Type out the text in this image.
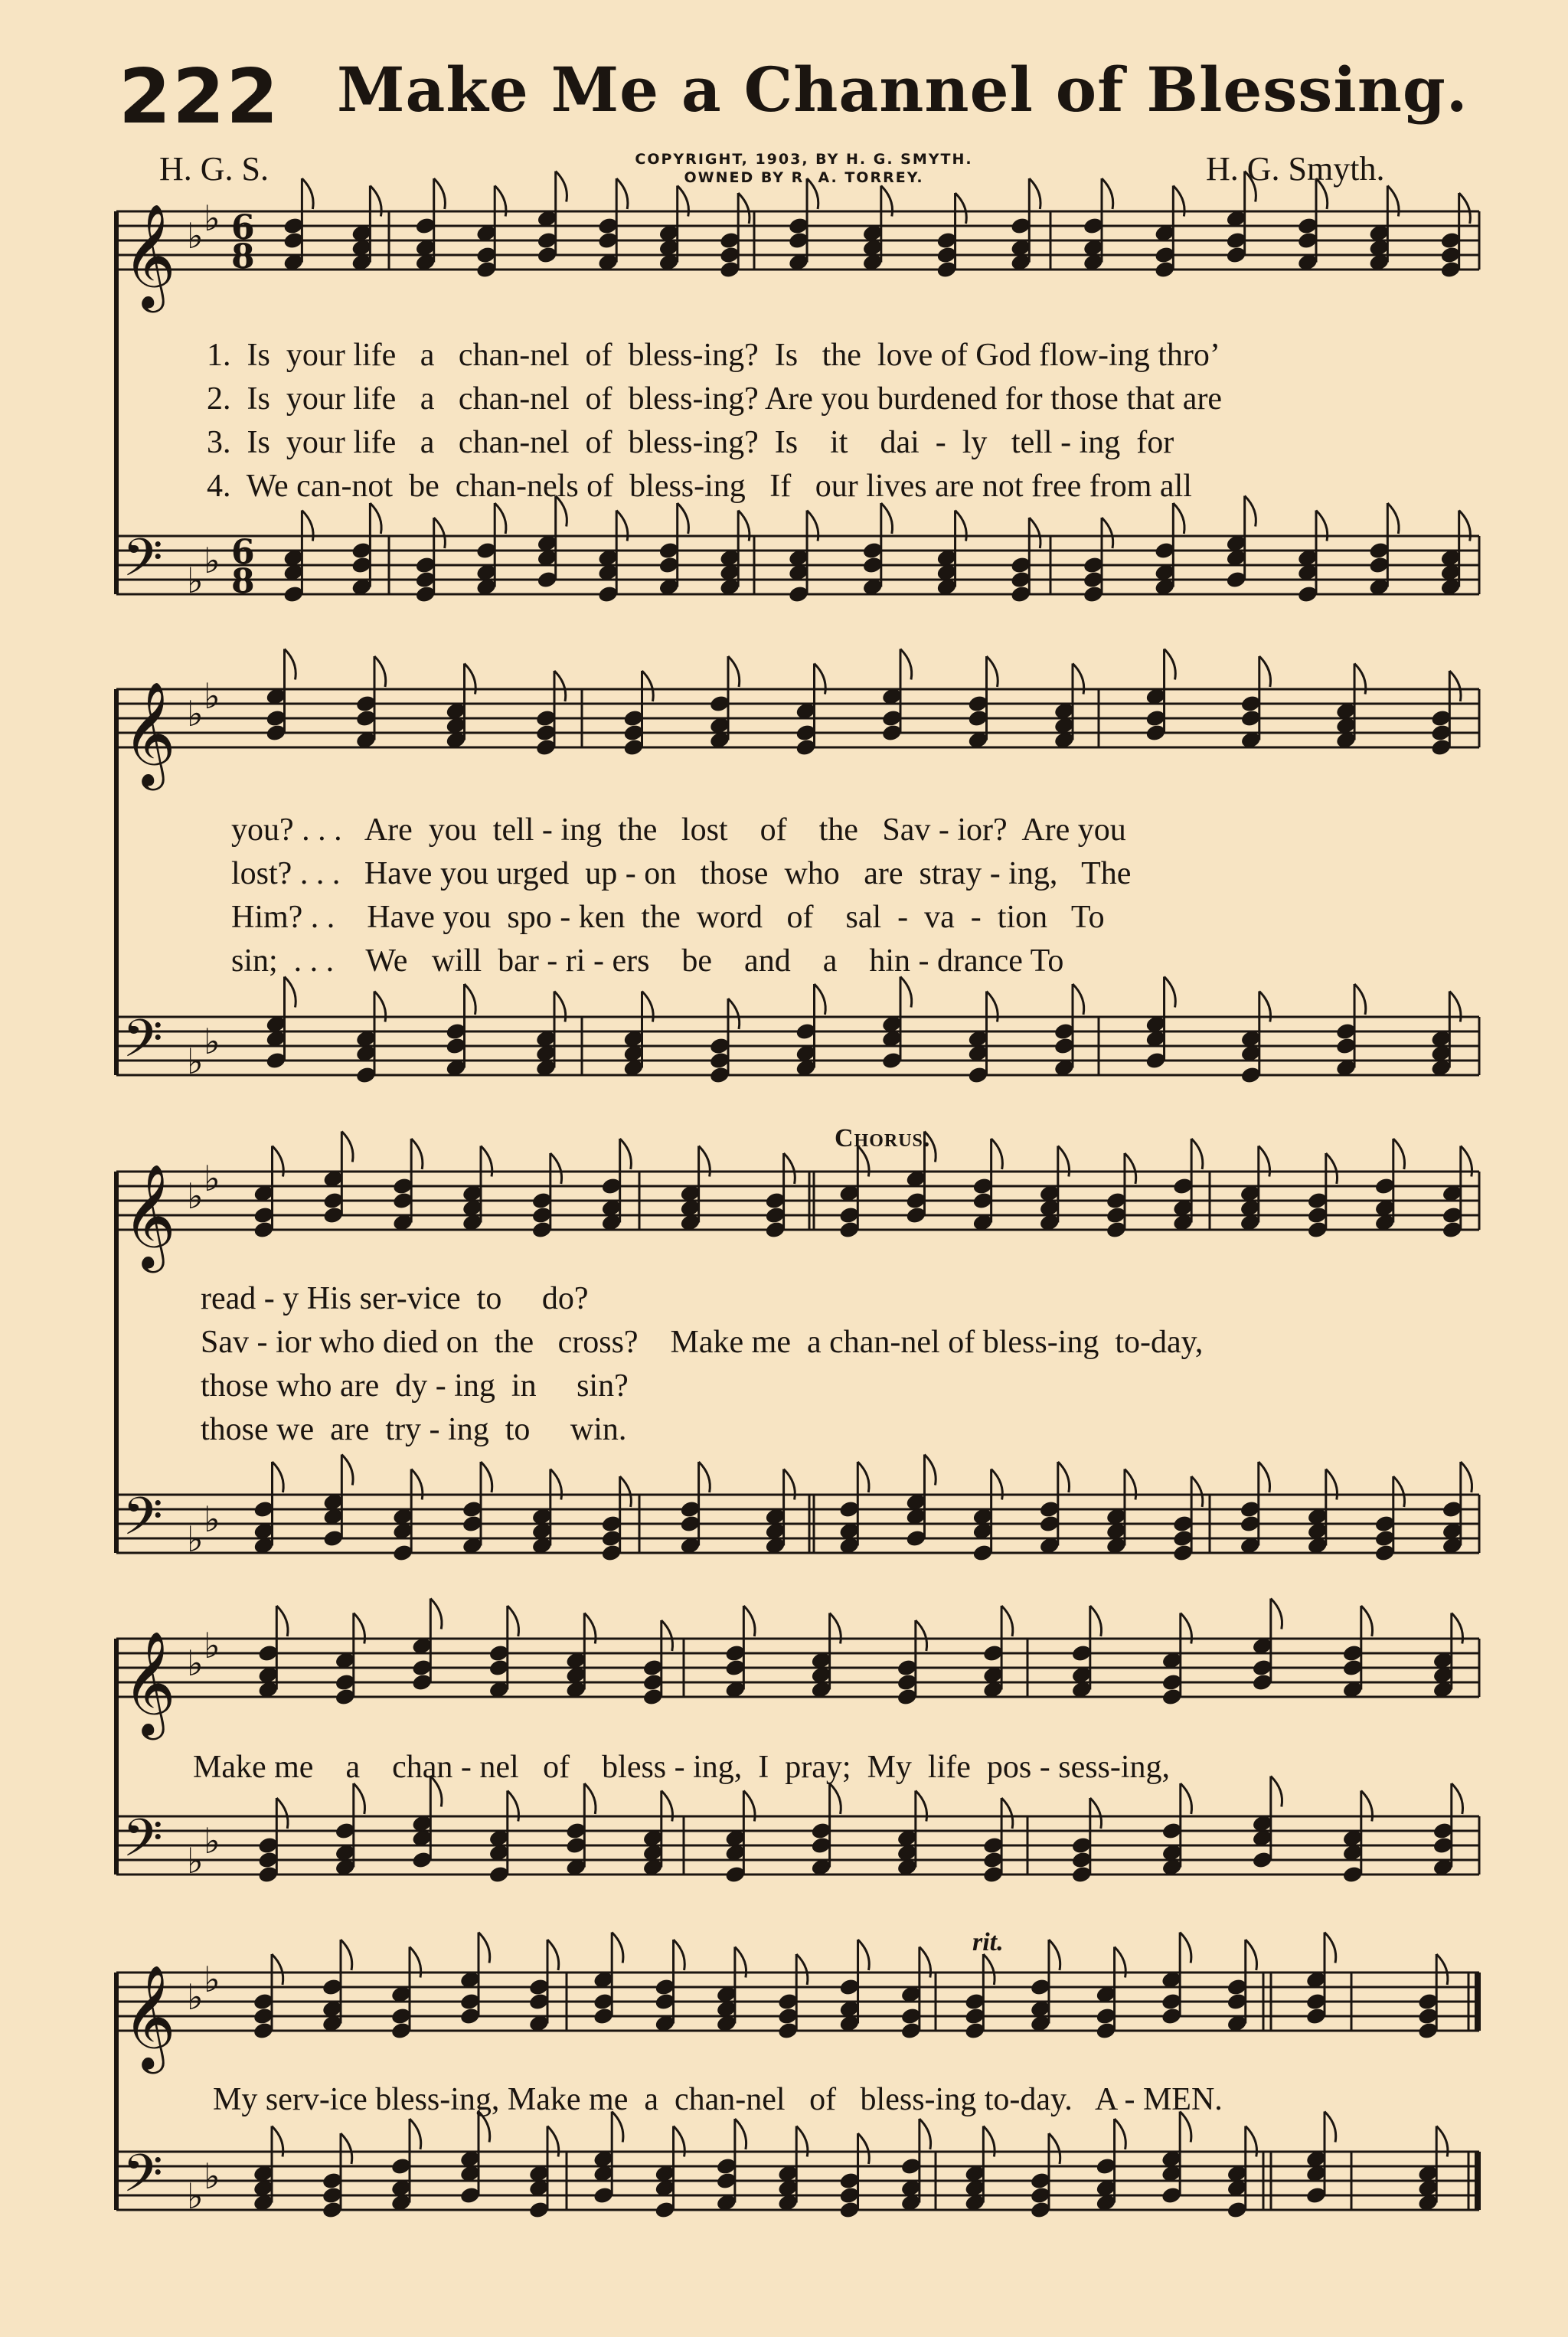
222 Make Me a Channel of Blessing.
H. G. S.	COPYRIGHT, 1903, BY H. G. SMYTH.
OWNED BY R. A. TORREY.	H. G. Smyth.
𝄞
𝄢
♭ ♭
♭ ♭
6
8
6
8
𝄞
𝄢
♭ ♭
♭ ♭
𝄞
𝄢
♭ ♭
♭ ♭
𝄞
𝄢
♭ ♭
♭ ♭
𝄞
𝄢
♭ ♭
♭ ♭
1.  Is  your life   a   chan-nel  of  bless-ing?  Is   the  love of God flow-ing thro’
2.  Is  your life   a   chan-nel  of  bless-ing? Are you burdened for those that are
3.  Is  your life   a   chan-nel  of  bless-ing?  Is    it    dai  -  ly   tell - ing  for
4.  We can-not  be  chan-nels of  bless-ing   If   our lives are not free from all
you? . . .   Are  you  tell - ing  the   lost    of    the   Sav - ior?  Are you
lost? . . .   Have you urged  up - on   those  who   are  stray - ing,   The
Him? . .    Have you  spo - ken  the  word   of    sal  -  va  -  tion   To
sin;  . . .    We   will  bar - ri - ers    be    and    a    hin - drance To
Chorus.
read - y His ser-vice  to     do?
Sav - ior who died on  the   cross?    Make me  a chan-nel of bless-ing  to-day,
those who are  dy - ing  in     sin?
those we  are  try - ing  to     win.
Make me    a    chan - nel   of    bless - ing,  I  pray;  My  life  pos - sess-ing,
rit.
My serv-ice bless-ing, Make me  a  chan-nel   of   bless-ing to-day.   A - MEN.
